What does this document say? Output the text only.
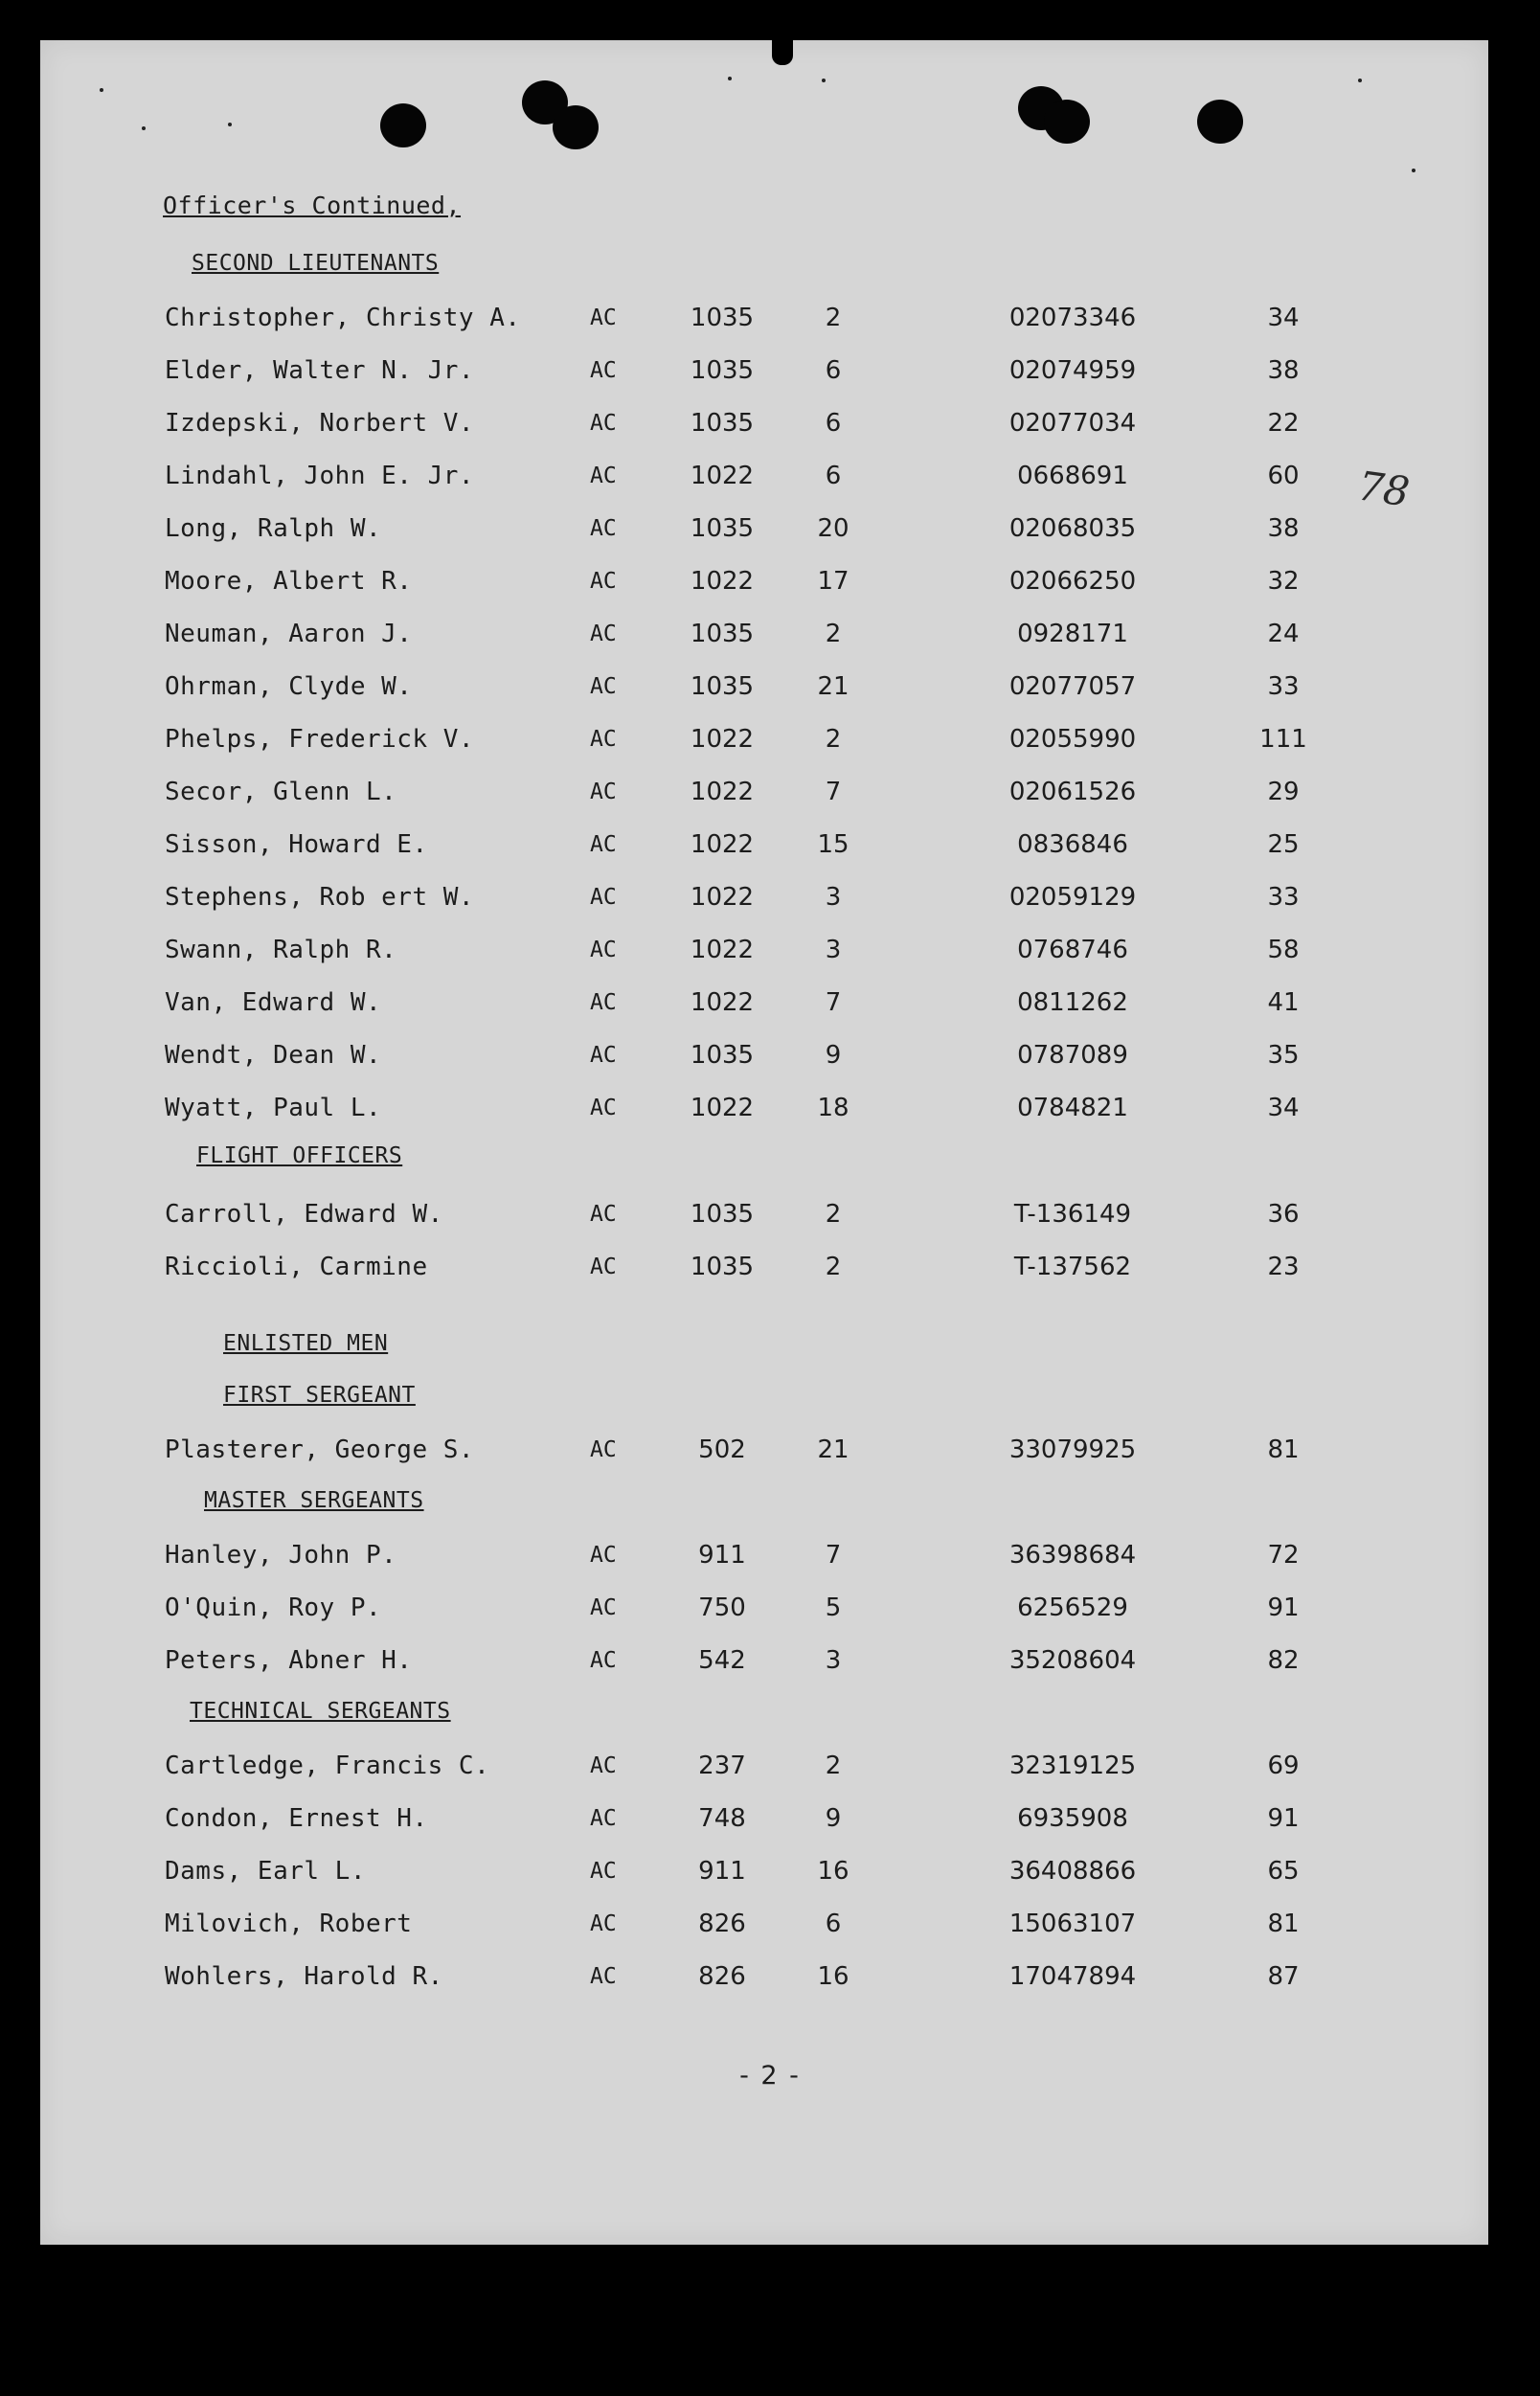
Officer's Continued,
SECOND LIEUTENANTS
Christopher, Christy A.	AC	1035	2	02073346	34
Elder, Walter N. Jr.	AC	1035	6	02074959	38
Izdepski, Norbert V.	AC	1035	6	02077034	22
Lindahl, John E. Jr.	AC	1022	6	0668691	60
Long, Ralph W.	AC	1035	20	02068035	38
Moore, Albert R.	AC	1022	17	02066250	32
Neuman, Aaron J.	AC	1035	2	0928171	24
Ohrman, Clyde W.	AC	1035	21	02077057	33
Phelps, Frederick V.	AC	1022	2	02055990	111
Secor, Glenn L.	AC	1022	7	02061526	29
Sisson, Howard E.	AC	1022	15	0836846	25
Stephens, Rob ert W.	AC	1022	3	02059129	33
Swann, Ralph R.	AC	1022	3	0768746	58
Van, Edward W.	AC	1022	7	0811262	41
Wendt, Dean W.	AC	1035	9	0787089	35
Wyatt, Paul L.	AC	1022	18	0784821	34
FLIGHT OFFICERS
Carroll, Edward W.	AC	1035	2	T-136149	36
Riccioli, Carmine	AC	1035	2	T-137562	23
ENLISTED MEN
FIRST SERGEANT
Plasterer, George S.	AC	502	21	33079925	81
MASTER SERGEANTS
Hanley, John P.	AC	911	7	36398684	72
O'Quin, Roy P.	AC	750	5	6256529	91
Peters, Abner H.	AC	542	3	35208604	82
TECHNICAL SERGEANTS
Cartledge, Francis C.	AC	237	2	32319125	69
Condon, Ernest H.	AC	748	9	6935908	91
Dams, Earl L.	AC	911	16	36408866	65
Milovich, Robert	AC	826	6	15063107	81
Wohlers, Harold R.	AC	826	16	17047894	87
78
- 2 -
